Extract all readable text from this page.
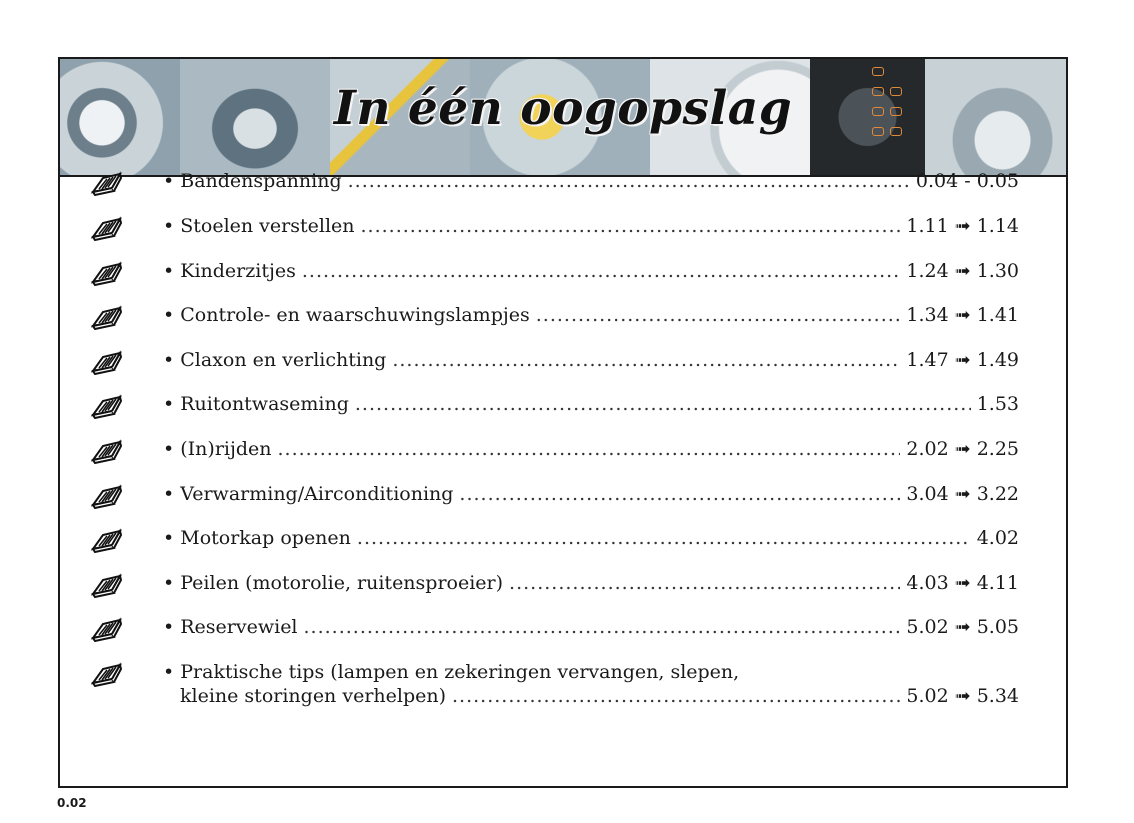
In één oogopslag
• Bandenspanning .....	0.04 - 0.05
• Stoelen verstellen .....	1.11 ➟ 1.14
• Kinderzitjes .....	1.24 ➟ 1.30
• Controle- en waarschuwingslampjes .....	1.34 ➟ 1.41
• Claxon en verlichting .....	1.47 ➟ 1.49
• Ruitontwaseming .....	1.53
• (In)rijden .....	2.02 ➟ 2.25
• Verwarming/Airconditioning .....	3.04 ➟ 3.22
• Motorkap openen .....	4.02
• Peilen (motorolie, ruitensproeier) .....	4.03 ➟ 4.11
• Reservewiel .....	5.02 ➟ 5.05
• Praktische tips (lampen en zekeringen vervangen, slepen,
kleine storingen verhelpen) .....	5.02 ➟ 5.34
0.02
